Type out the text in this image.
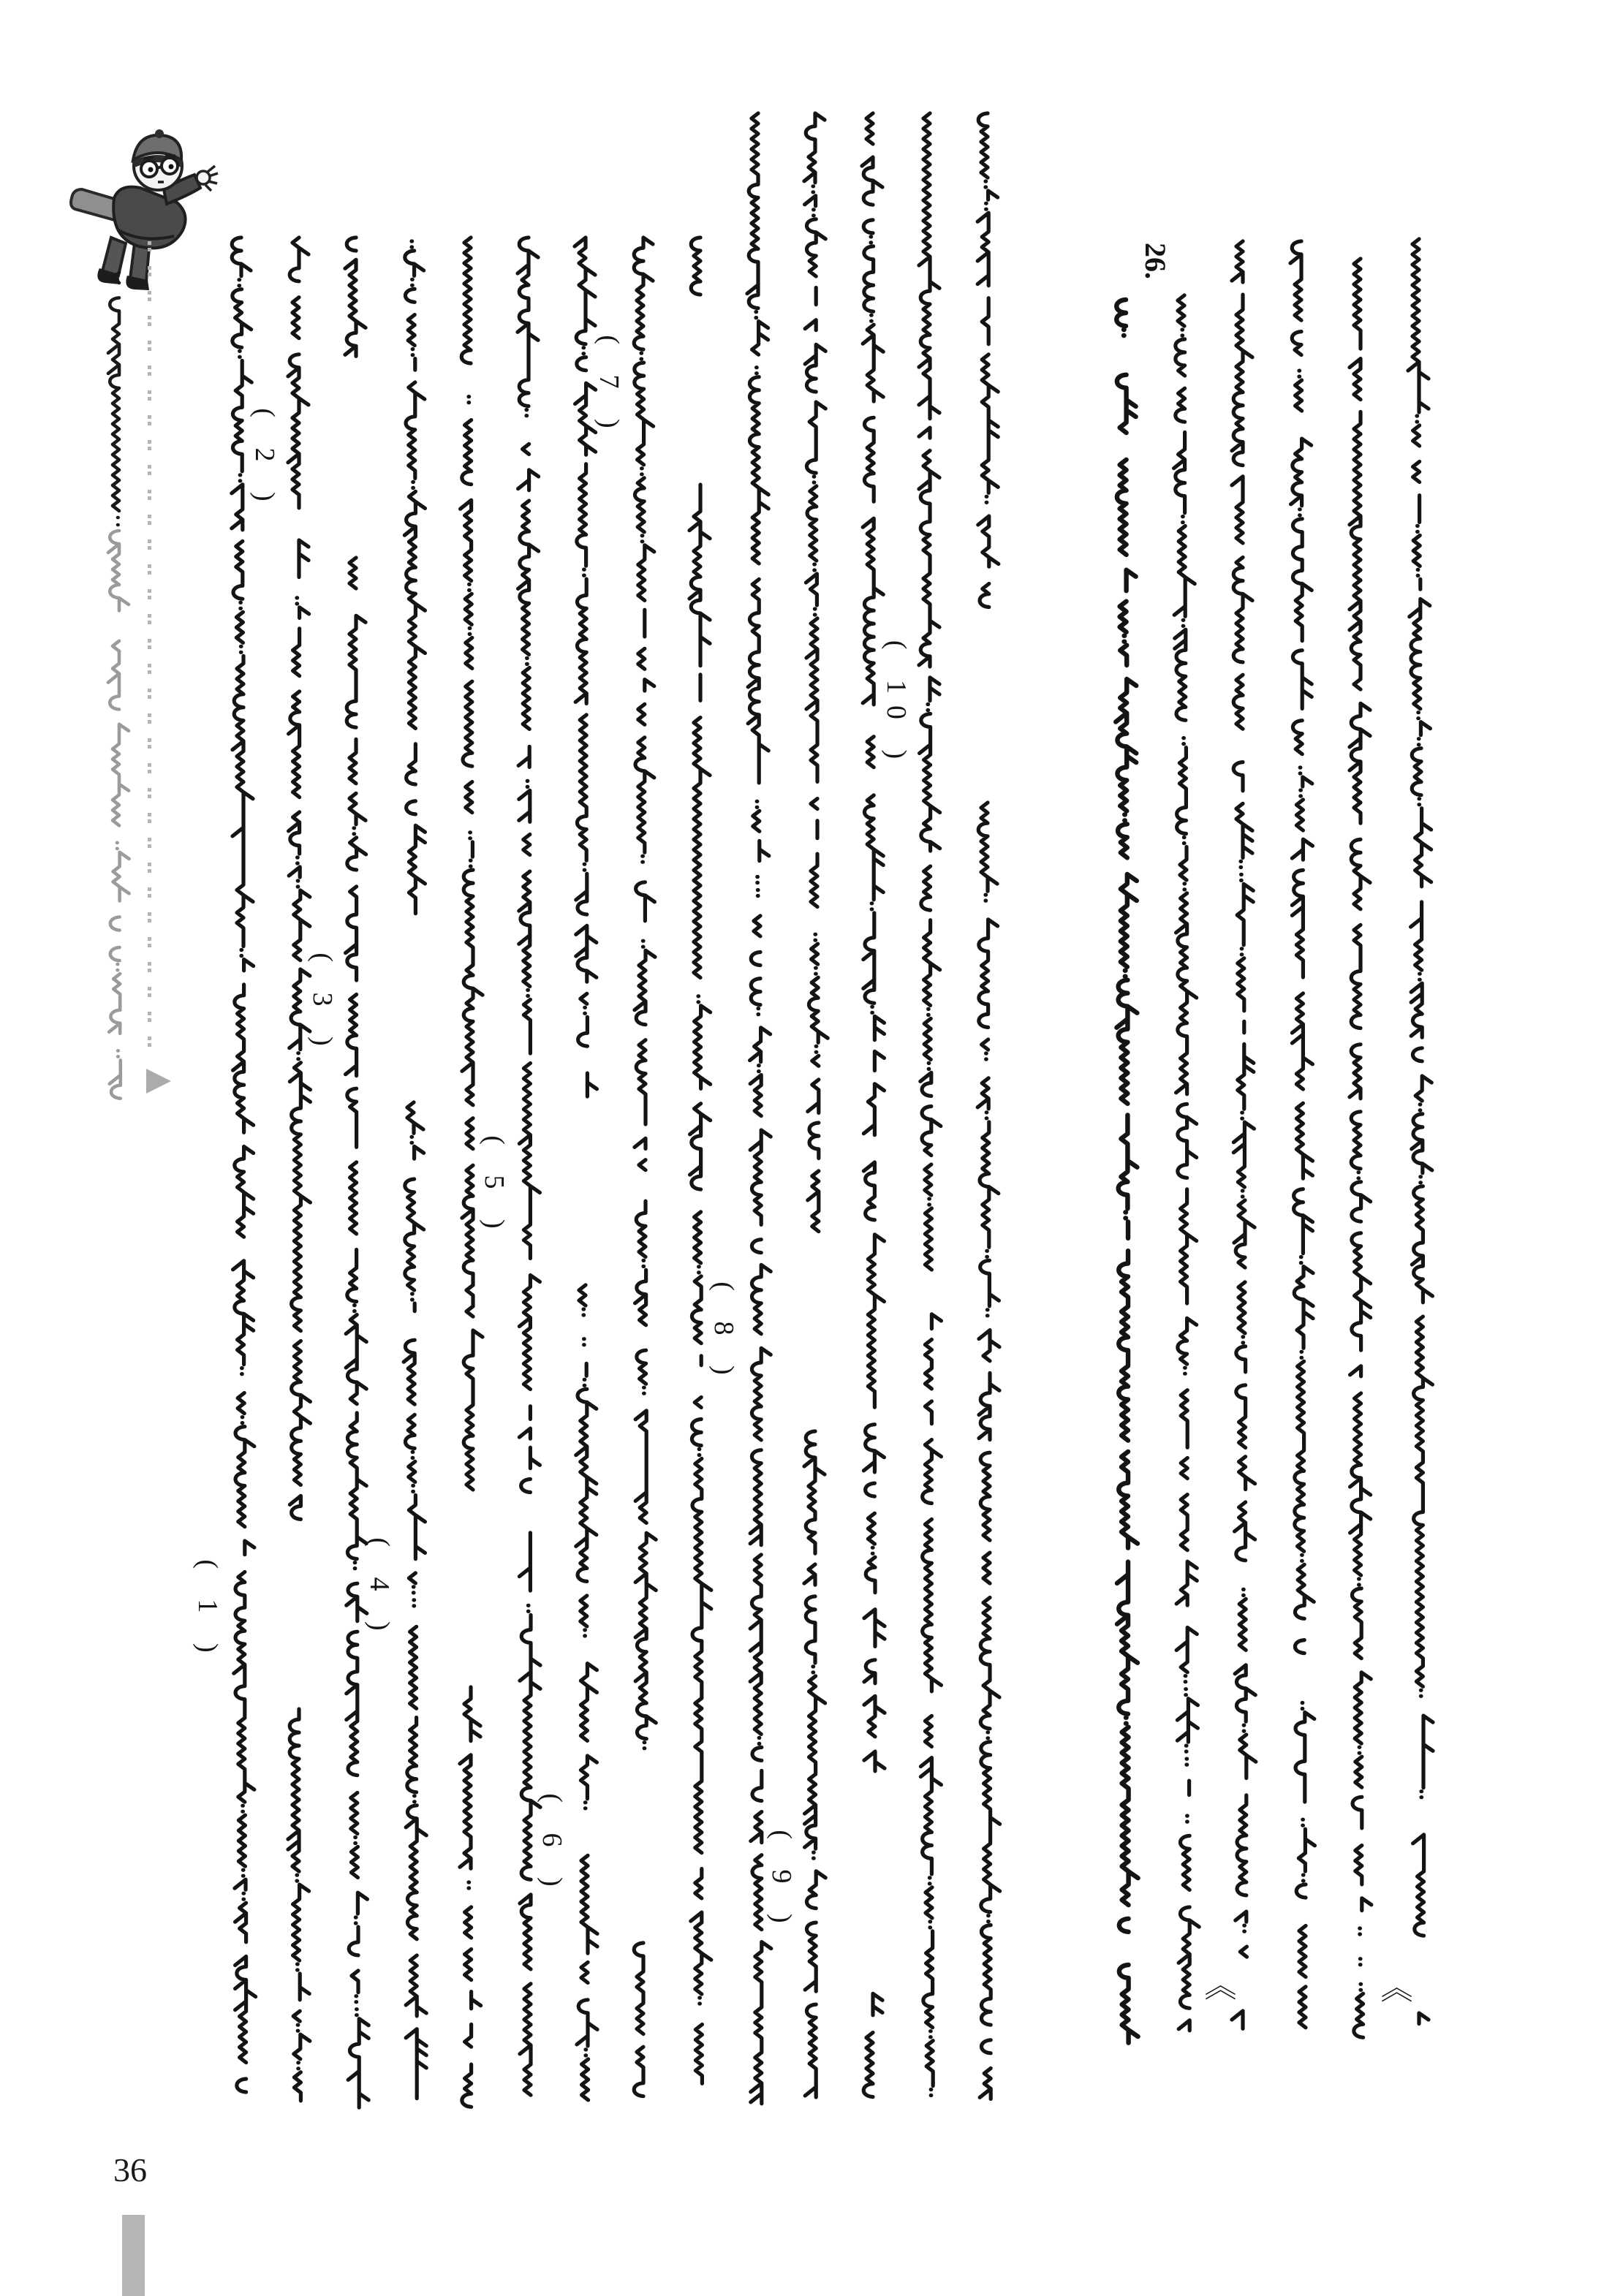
( 1 )
( 2 )
( 3 )
( 4 )
( 5 )
( 6 )
( 7 )
( 8 )
( 9 )
( 10 )
26.
《	《
36
